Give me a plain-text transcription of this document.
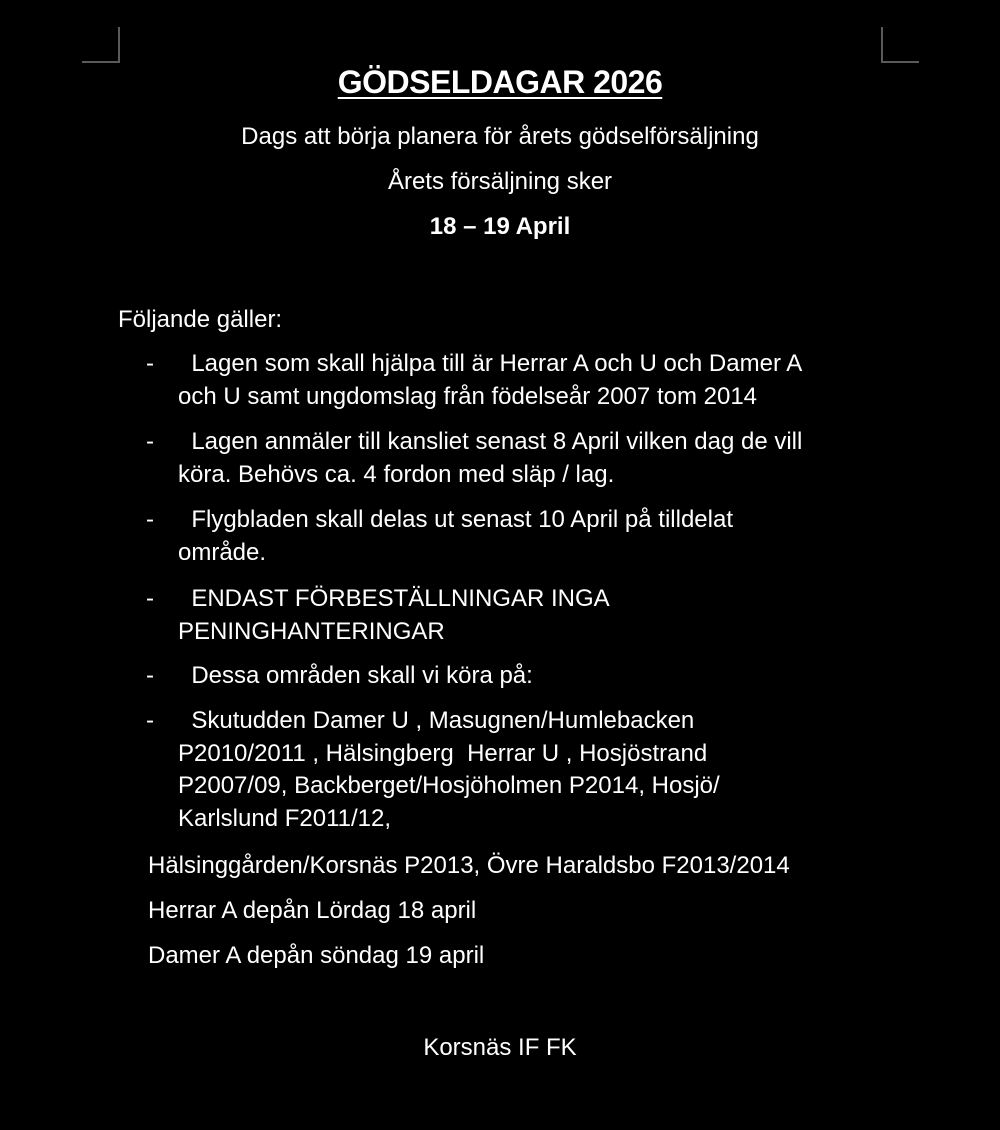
GÖDSELDAGAR 2026
Dags att börja planera för årets gödselförsäljning
Årets försäljning sker
18 – 19 April
Följande gäller:
-	Lagen som skall hjälpa till är Herrar A och U och Damer A
och U samt ungdomslag från födelseår 2007 tom 2014
-	Lagen anmäler till kansliet senast 8 April vilken dag de vill
köra. Behövs ca. 4 fordon med släp / lag.
-	Flygbladen skall delas ut senast 10 April på tilldelat
område.
-	ENDAST FÖRBESTÄLLNINGAR INGA
PENINGHANTERINGAR
-	Dessa områden skall vi köra på:
-	Skutudden Damer U , Masugnen/Humlebacken
P2010/2011 , Hälsingberg  Herrar U , Hosjöstrand
P2007/09, Backberget/Hosjöholmen P2014, Hosjö/
Karlslund F2011/12,
Hälsinggården/Korsnäs P2013, Övre Haraldsbo F2013/2014
Herrar A depån Lördag 18 april
Damer A depån söndag 19 april
Korsnäs IF FK
